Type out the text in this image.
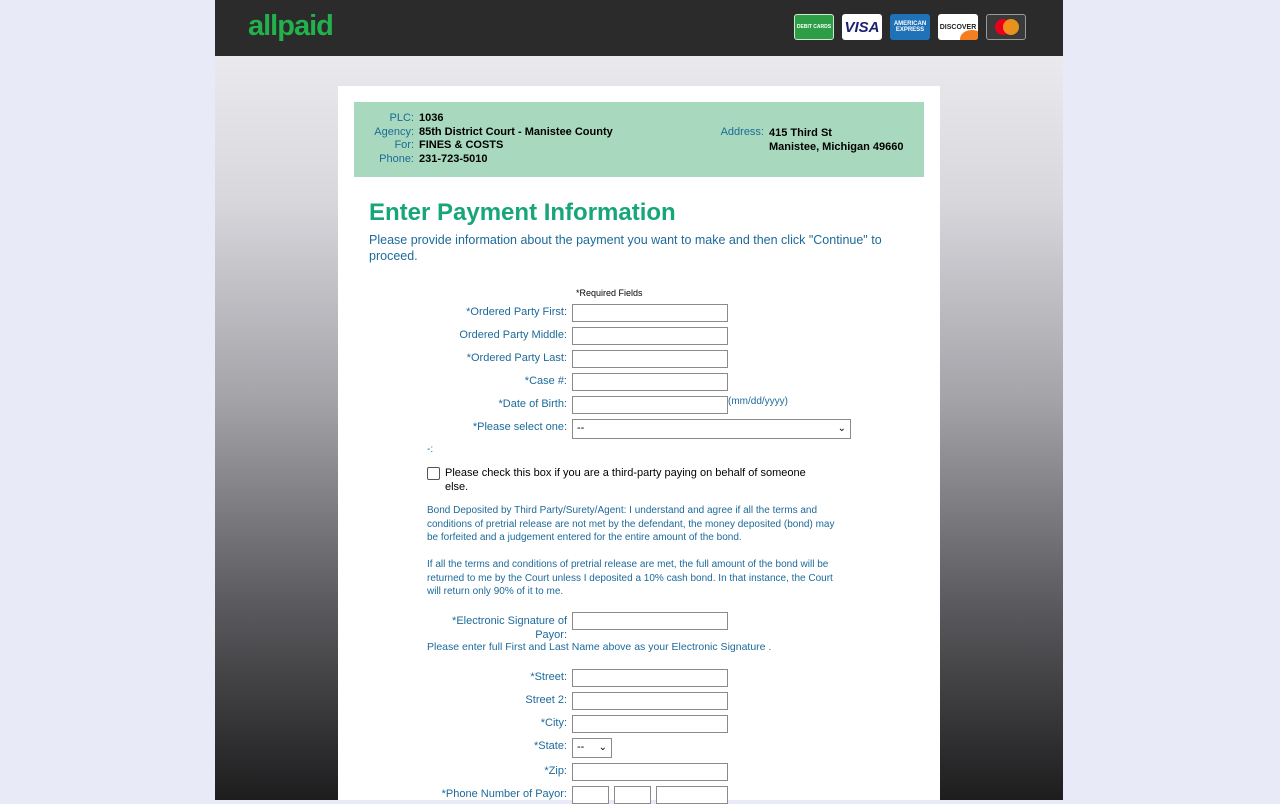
allpaid	DEBIT CARDS VISA	AMERICAN EXPRESS	DISCOVER
PLC: 1036
Agency: 85th District Court - Manistee County
For: FINES & COSTS
Phone: 231-723-5010
Address: 415 Third St
Manistee, Michigan 49660
Enter Payment Information

Please provide information about the payment you want to make and then click "Continue" to proceed.

*Required Fields
*Ordered Party First:
Ordered Party Middle:
*Ordered Party Last:
*Case #:
*Date of Birth:	(mm/dd/yyyy)
*Please select one: --	⌄
-:
Please check this box if you are a third-party paying on behalf of someone else.
Bond Deposited by Third Party/Surety/Agent: I understand and agree if all the terms and conditions of pretrial release are not met by the defendant, the money deposited (bond) may be forfeited and a judgement entered for the entire amount of the bond.
If all the terms and conditions of pretrial release are met, the full amount of the bond will be returned to me by the Court unless I deposited a 10% cash bond. In that instance, the Court will return only 90% of it to me.
*Electronic Signature of Payor:
Please enter full First and Last Name above as your Electronic Signature .
*Street:
Street 2:
*City:
*State: -- ⌄
*Zip:
*Phone Number of Payor:
